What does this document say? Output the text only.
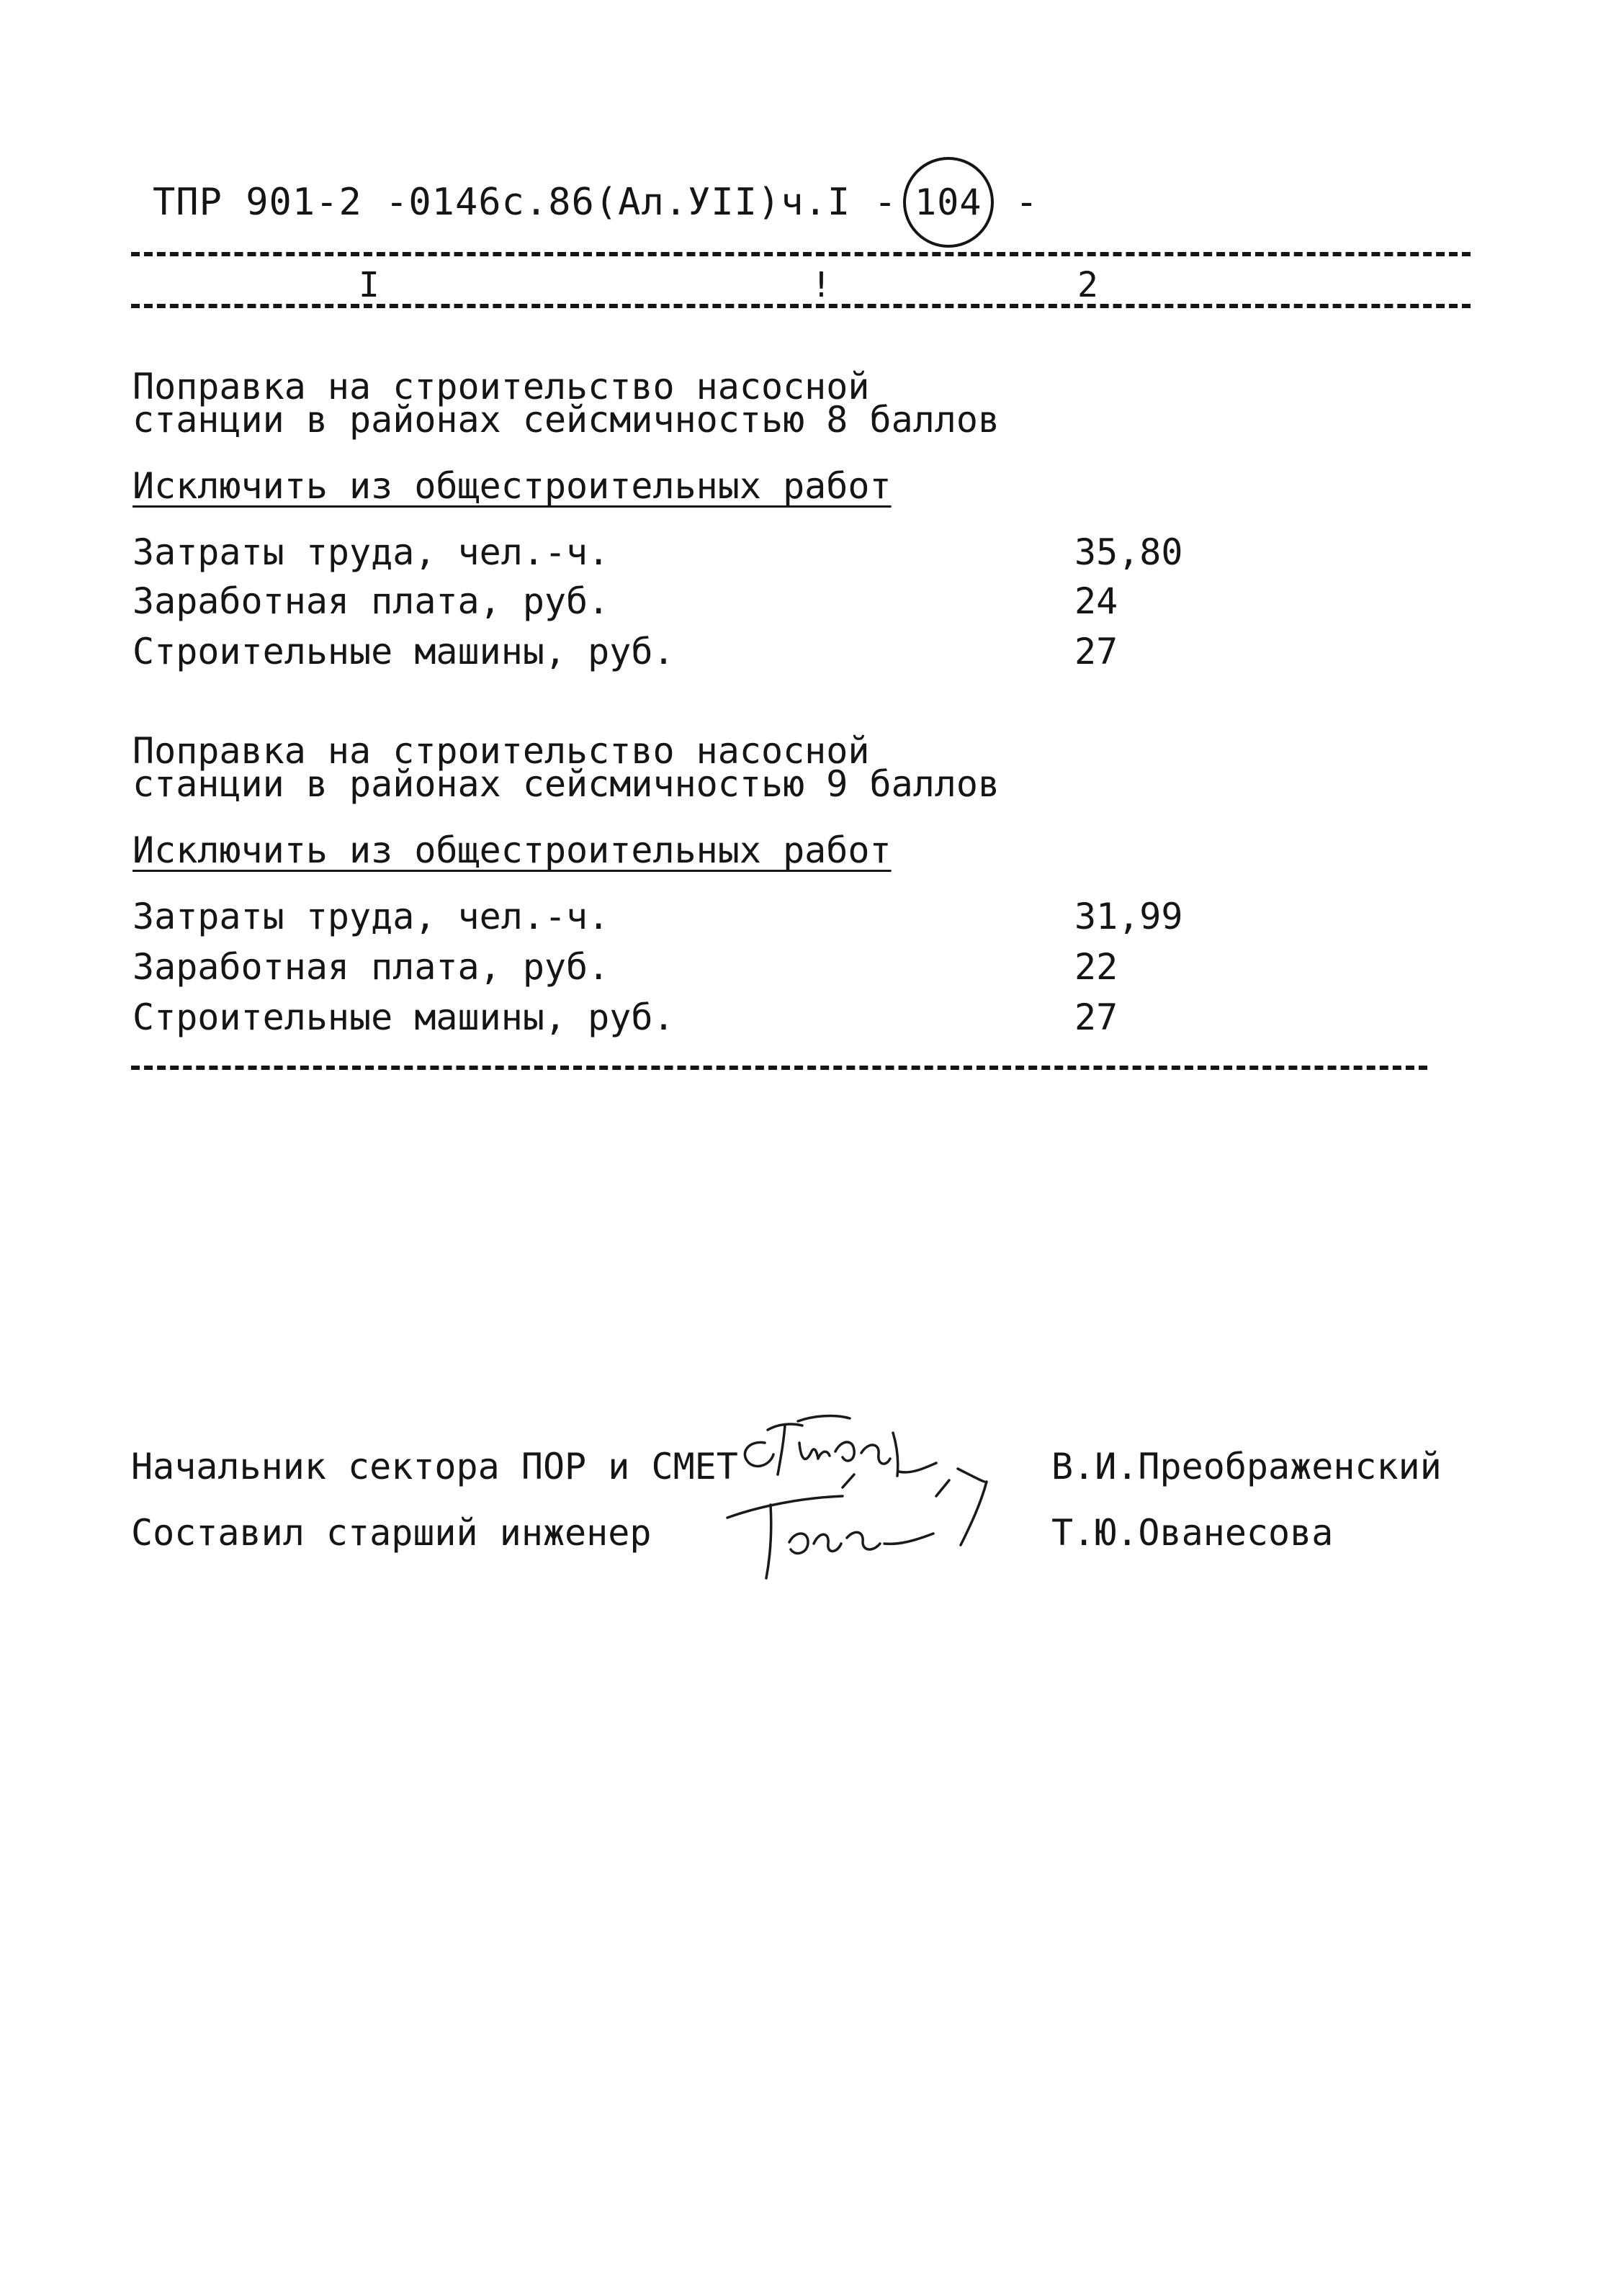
ТПР 901-2 -0146с.86(Ал.УII)ч.I - 104 -
I	!	2
Поправка на строительство насосной
станции в районах сейсмичностью 8 баллов
Исключить из общестроительных работ
Затраты труда, чел.-ч.	35,80
Заработная плата, руб.	24
Строительные машины, руб.	27
Поправка на строительство насосной
станции в районах сейсмичностью 9 баллов
Исключить из общестроительных работ
Затраты труда, чел.-ч.	31,99
Заработная плата, руб.	22
Строительные машины, руб.	27
Начальник сектора ПОР и СМЕТ	В.И.Преображенский
Составил старший инженер	Т.Ю.Ованесова
